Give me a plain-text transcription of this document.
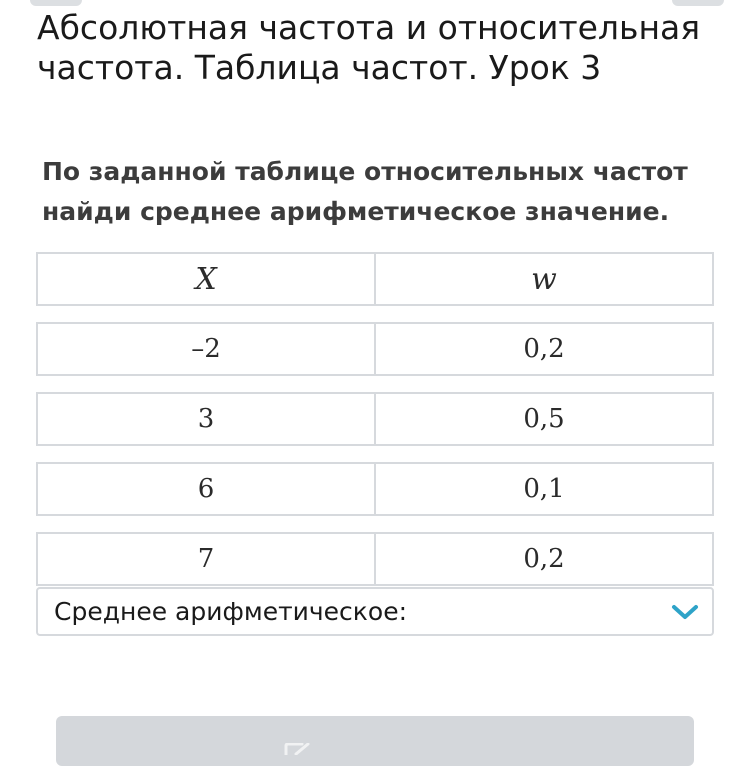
Абсолютная частота и относительная частота. Таблица частот. Урок 3

По заданной таблице относительных частот найди среднее арифметическое значение.

X	w
–2	0,2
3	0,5
6	0,1
7	0,2
Среднее арифметическое:
